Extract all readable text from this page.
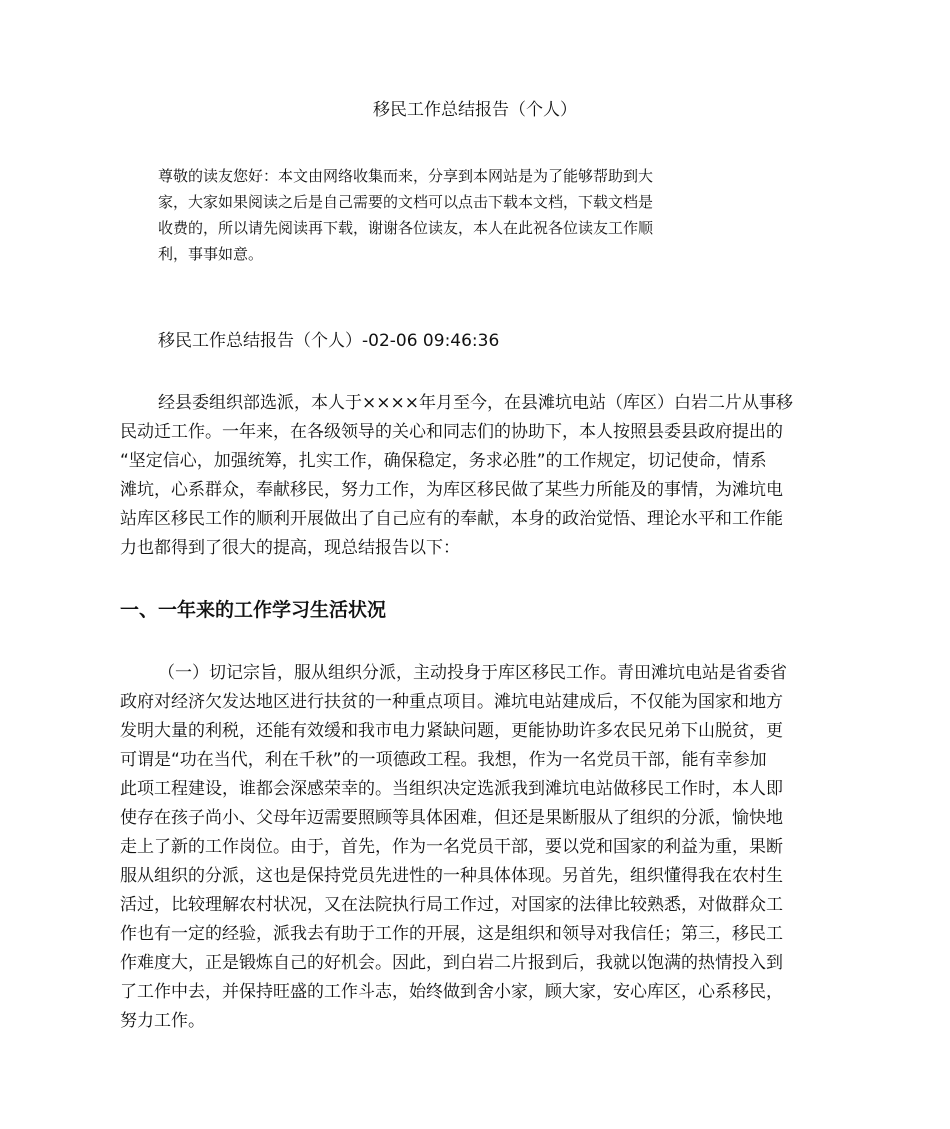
移民工作总结报告（个人）
尊敬的读友您好：本文由网络收集而来，分享到本网站是为了能够帮助到大
家，大家如果阅读之后是自己需要的文档可以点击下载本文档，下载文档是
收费的，所以请先阅读再下载，谢谢各位读友，本人在此祝各位读友工作顺
利，事事如意。

移民工作总结报告（个人）-02-06 09:46:36

经县委组织部选派，本人于××××年月至今，在县滩坑电站（库区）白岩二片从事移
民动迁工作。一年来，在各级领导的关心和同志们的协助下，本人按照县委县政府提出的
“坚定信心，加强统筹，扎实工作，确保稳定，务求必胜”的工作规定，切记使命，情系
滩坑，心系群众，奉献移民，努力工作，为库区移民做了某些力所能及的事情，为滩坑电
站库区移民工作的顺利开展做出了自己应有的奉献，本身的政治觉悟、理论水平和工作能
力也都得到了很大的提高，现总结报告以下：
一、一年来的工作学习生活状况
（一）切记宗旨，服从组织分派，主动投身于库区移民工作。青田滩坑电站是省委省
政府对经济欠发达地区进行扶贫的一种重点项目。滩坑电站建成后，不仅能为国家和地方
发明大量的利税，还能有效缓和我市电力紧缺问题，更能协助许多农民兄弟下山脱贫，更
可谓是“功在当代，利在千秋”的一项德政工程。我想，作为一名党员干部，能有幸参加
此项工程建设，谁都会深感荣幸的。当组织决定选派我到滩坑电站做移民工作时，本人即
使存在孩子尚小、父母年迈需要照顾等具体困难，但还是果断服从了组织的分派，愉快地
走上了新的工作岗位。由于，首先，作为一名党员干部，要以党和国家的利益为重，果断
服从组织的分派，这也是保持党员先进性的一种具体体现。另首先，组织懂得我在农村生
活过，比较理解农村状况，又在法院执行局工作过，对国家的法律比较熟悉，对做群众工
作也有一定的经验，派我去有助于工作的开展，这是组织和领导对我信任；第三，移民工
作难度大，正是锻炼自己的好机会。因此，到白岩二片报到后，我就以饱满的热情投入到
了工作中去，并保持旺盛的工作斗志，始终做到舍小家，顾大家，安心库区，心系移民，
努力工作。
